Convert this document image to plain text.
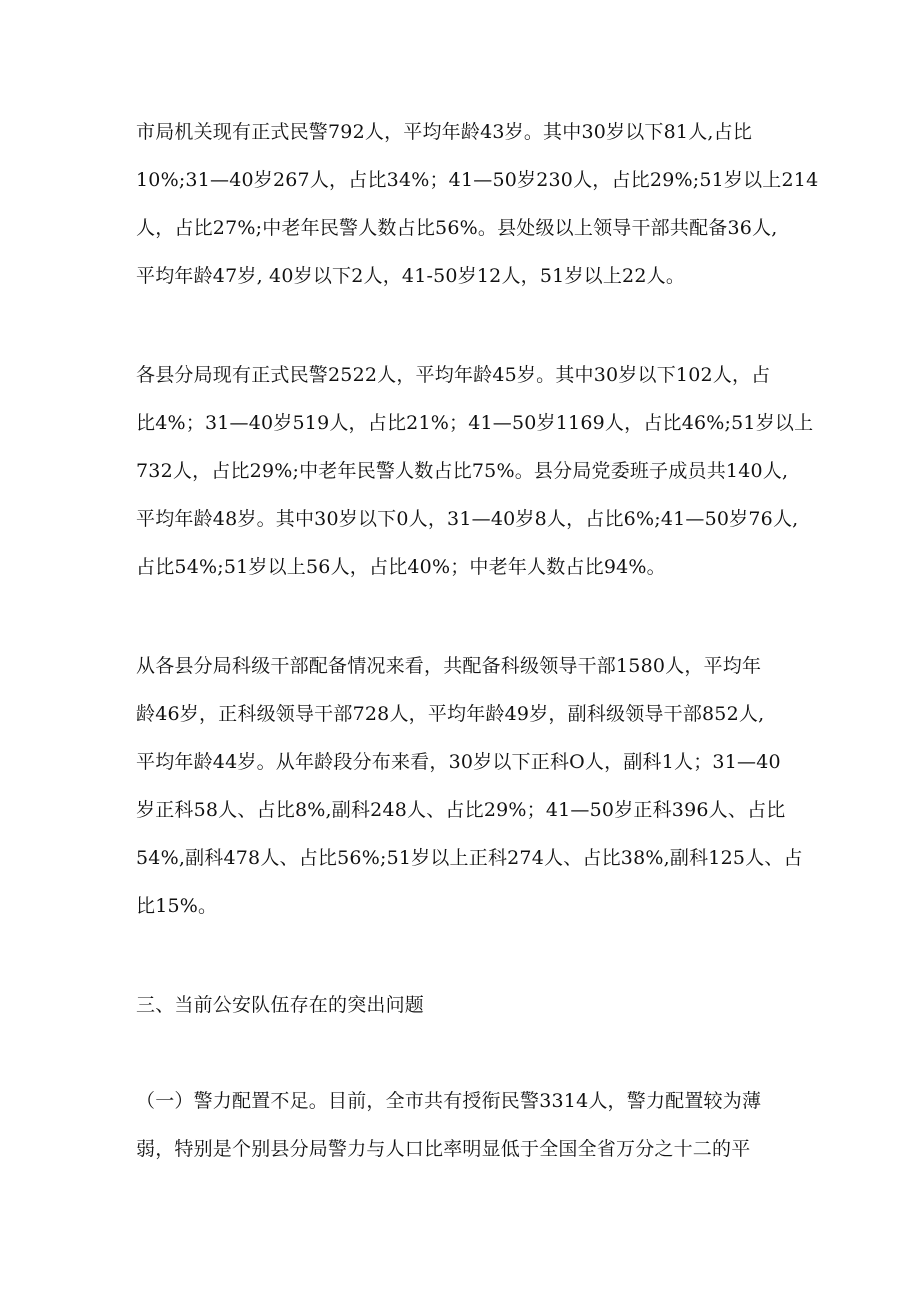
市局机关现有正式民警792人，平均年龄43岁。其中30岁以下81人,占比
10%;31—40岁267人，占比34%；41—50岁230人，占比29%;51岁以上214
人，占比27%;中老年民警人数占比56%。县处级以上领导干部共配备36人,
平均年龄47岁, 40岁以下2人，41-50岁12人，51岁以上22人。
各县分局现有正式民警2522人，平均年龄45岁。其中30岁以下102人，占
比4%；31—40岁519人，占比21%；41—50岁1169人，占比46%;51岁以上
732人，占比29%;中老年民警人数占比75%。县分局党委班子成员共140人,
平均年龄48岁。其中30岁以下0人，31—40岁8人，占比6%;41—50岁76人,
占比54%;51岁以上56人，占比40%；中老年人数占比94%。
从各县分局科级干部配备情况来看，共配备科级领导干部1580人，平均年
龄46岁，正科级领导干部728人，平均年龄49岁，副科级领导干部852人,
平均年龄44岁。从年龄段分布来看，30岁以下正科O人，副科1人；31—40
岁正科58人、占比8%,副科248人、占比29%；41—50岁正科396人、占比
54%,副科478人、占比56%;51岁以上正科274人、占比38%,副科125人、占
比15%。
三、当前公安队伍存在的突出问题
（一）警力配置不足。目前，全市共有授衔民警3314人，警力配置较为薄
弱，特别是个别县分局警力与人口比率明显低于全国全省万分之十二的平
